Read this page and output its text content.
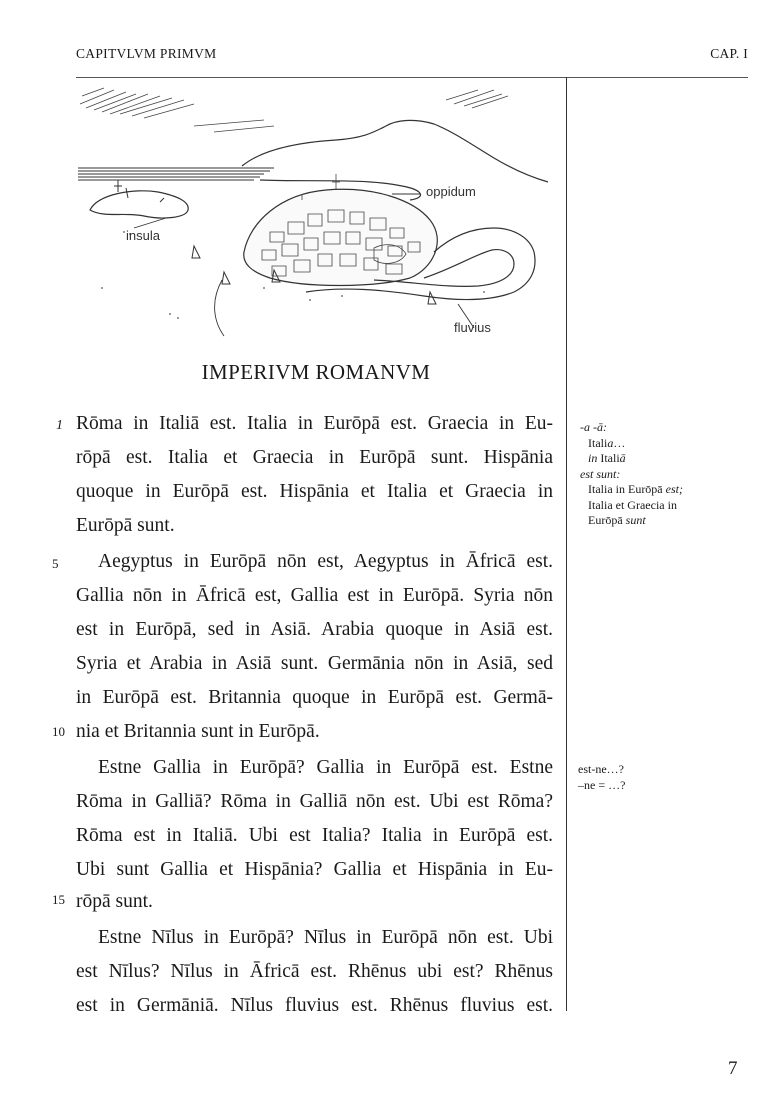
CAPITVLVM PRIMVM	CAP. I
oppidum
insula
fluvius
IMPERIVM ROMANVM
1
5
10
15
Rōma in Italiā est. Italia in Eurōpā est. Graecia in Eu-
rōpā est. Italia et Graecia in Eurōpā sunt. Hispānia
quoque in Eurōpā est. Hispānia et Italia et Graecia in
Eurōpā sunt.
Aegyptus in Eurōpā nōn est, Aegyptus in Āfricā est.
Gallia nōn in Āfricā est, Gallia est in Eurōpā. Syria nōn
est in Eurōpā, sed in Asiā. Arabia quoque in Asiā est.
Syria et Arabia in Asiā sunt. Germānia nōn in Asiā, sed
in Eurōpā est. Britannia quoque in Eurōpā est. Germā-
nia et Britannia sunt in Eurōpā.
Estne Gallia in Eurōpā? Gallia in Eurōpā est. Estne
Rōma in Galliā? Rōma in Galliā nōn est. Ubi est Rōma?
Rōma est in Italiā. Ubi est Italia? Italia in Eurōpā est.
Ubi sunt Gallia et Hispānia? Gallia et Hispānia in Eu-
rōpā sunt.
Estne Nīlus in Eurōpā? Nīlus in Eurōpā nōn est. Ubi
est Nīlus? Nīlus in Āfricā est. Rhēnus ubi est? Rhēnus
est in Germāniā. Nīlus fluvius est. Rhēnus fluvius est.
-a -ā:
Italia…
in Italiā
est sunt:
Italia in Eurōpā est;
Italia et Graecia in
Eurōpā sunt
est-ne…?
–ne = …?
7
